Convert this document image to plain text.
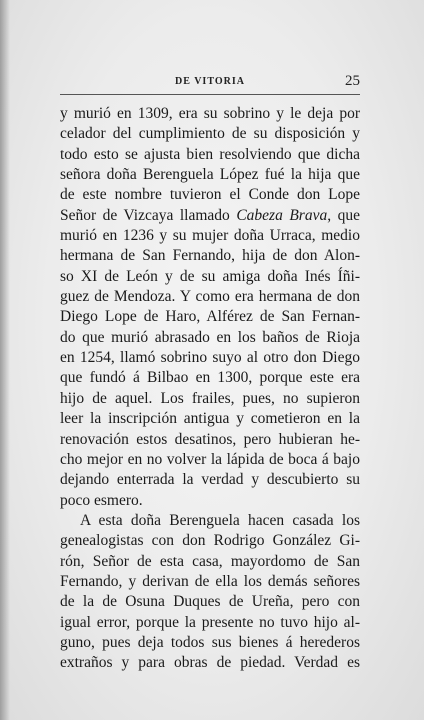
DE VITORIA	25
y murió en 1309, era su sobrino y le deja por
celador del cumplimiento de su disposición y
todo esto se ajusta bien resolviendo que dicha
señora doña Berenguela López fué la hija que
de este nombre tuvieron el Conde don Lope
Señor de Vizcaya llamado Cabeza Brava, que
murió en 1236 y su mujer doña Urraca, medio
hermana de San Fernando, hija de don Alon-
so XI de León y de su amiga doña Inés Íñi-
guez de Mendoza. Y como era hermana de don
Diego Lope de Haro, Alférez de San Fernan-
do que murió abrasado en los baños de Rioja
en 1254, llamó sobrino suyo al otro don Diego
que fundó á Bilbao en 1300, porque este era
hijo de aquel. Los frailes, pues, no supieron
leer la inscripción antigua y cometieron en la
renovación estos desatinos, pero hubieran he-
cho mejor en no volver la lápida de boca á bajo
dejando enterrada la verdad y descubierto su
poco esmero.
A esta doña Berenguela hacen casada los
genealogistas con don Rodrigo González Gi-
rón, Señor de esta casa, mayordomo de San
Fernando, y derivan de ella los demás señores
de la de Osuna Duques de Ureña, pero con
igual error, porque la presente no tuvo hijo al-
guno, pues deja todos sus bienes á herederos
extraños y para obras de piedad. Verdad es
